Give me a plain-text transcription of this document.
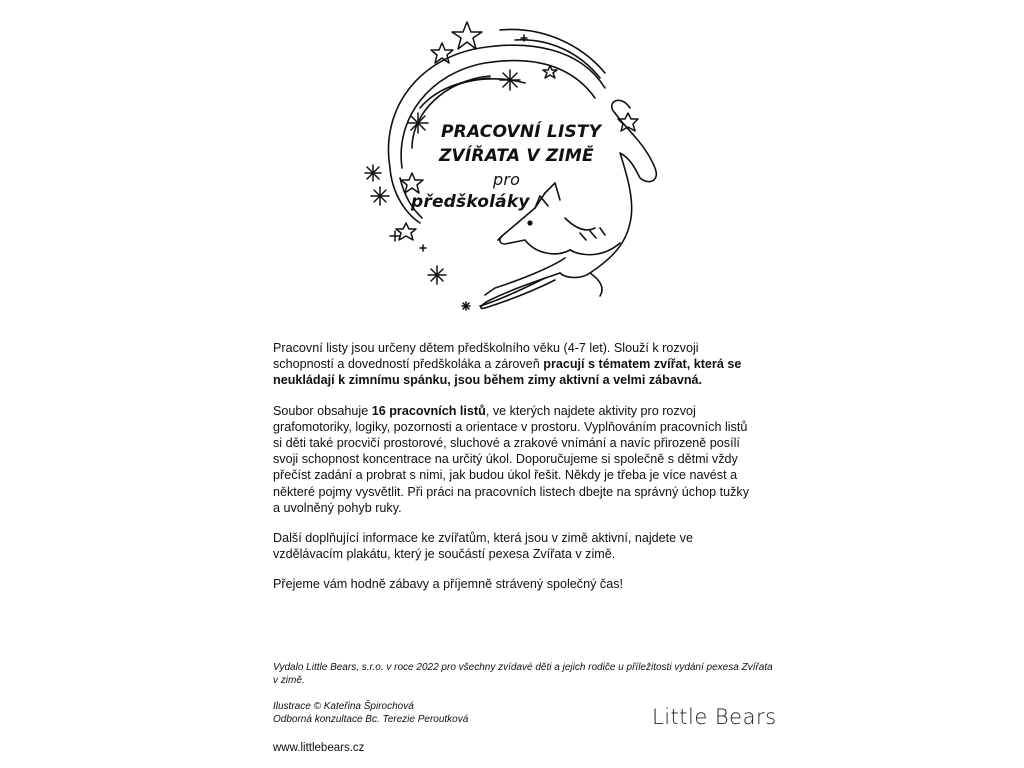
PRACOVNÍ LISTY
ZVÍŘATA V ZIMĚ
pro
předškoláky

Pracovní listy jsou určeny dětem předškolního věku (4-7 let). Slouží k rozvoji schopností a dovedností předškoláka a zároveň pracují s tématem zvířat, která se neukládají k zimnímu spánku, jsou během zimy aktivní a velmi zábavná.

Soubor obsahuje 16 pracovních listů, ve kterých najdete aktivity pro rozvoj grafomotoriky, logiky, pozornosti a orientace v prostoru. Vyplňováním pracovních listů si děti také procvičí prostorové, sluchové a zrakové vnímání a navíc přirozeně posílí svoji schopnost koncentrace na určitý úkol. Doporučujeme si společně s dětmi vždy přečíst zadání a probrat s nimi, jak budou úkol řešit. Někdy je třeba je více navést a některé pojmy vysvětlit. Při práci na pracovních listech dbejte na správný úchop tužky a uvolněný pohyb ruky.

Další doplňující informace ke zvířatům, která jsou v zimě aktivní, najdete ve vzdělávacím plakátu, který je součástí pexesa Zvířata v zimě.

Přejeme vám hodně zábavy a příjemně strávený společný čas!

Vydalo Little Bears, s.r.o. v roce 2022 pro všechny zvídavé děti a jejich rodiče u příležitosti vydání pexesa Zvířata v zimě.

Ilustrace © Kateřina Špirochová

Odborná konzultace Bc. Terezie Peroutková

www.littlebears.cz
Little Bears
